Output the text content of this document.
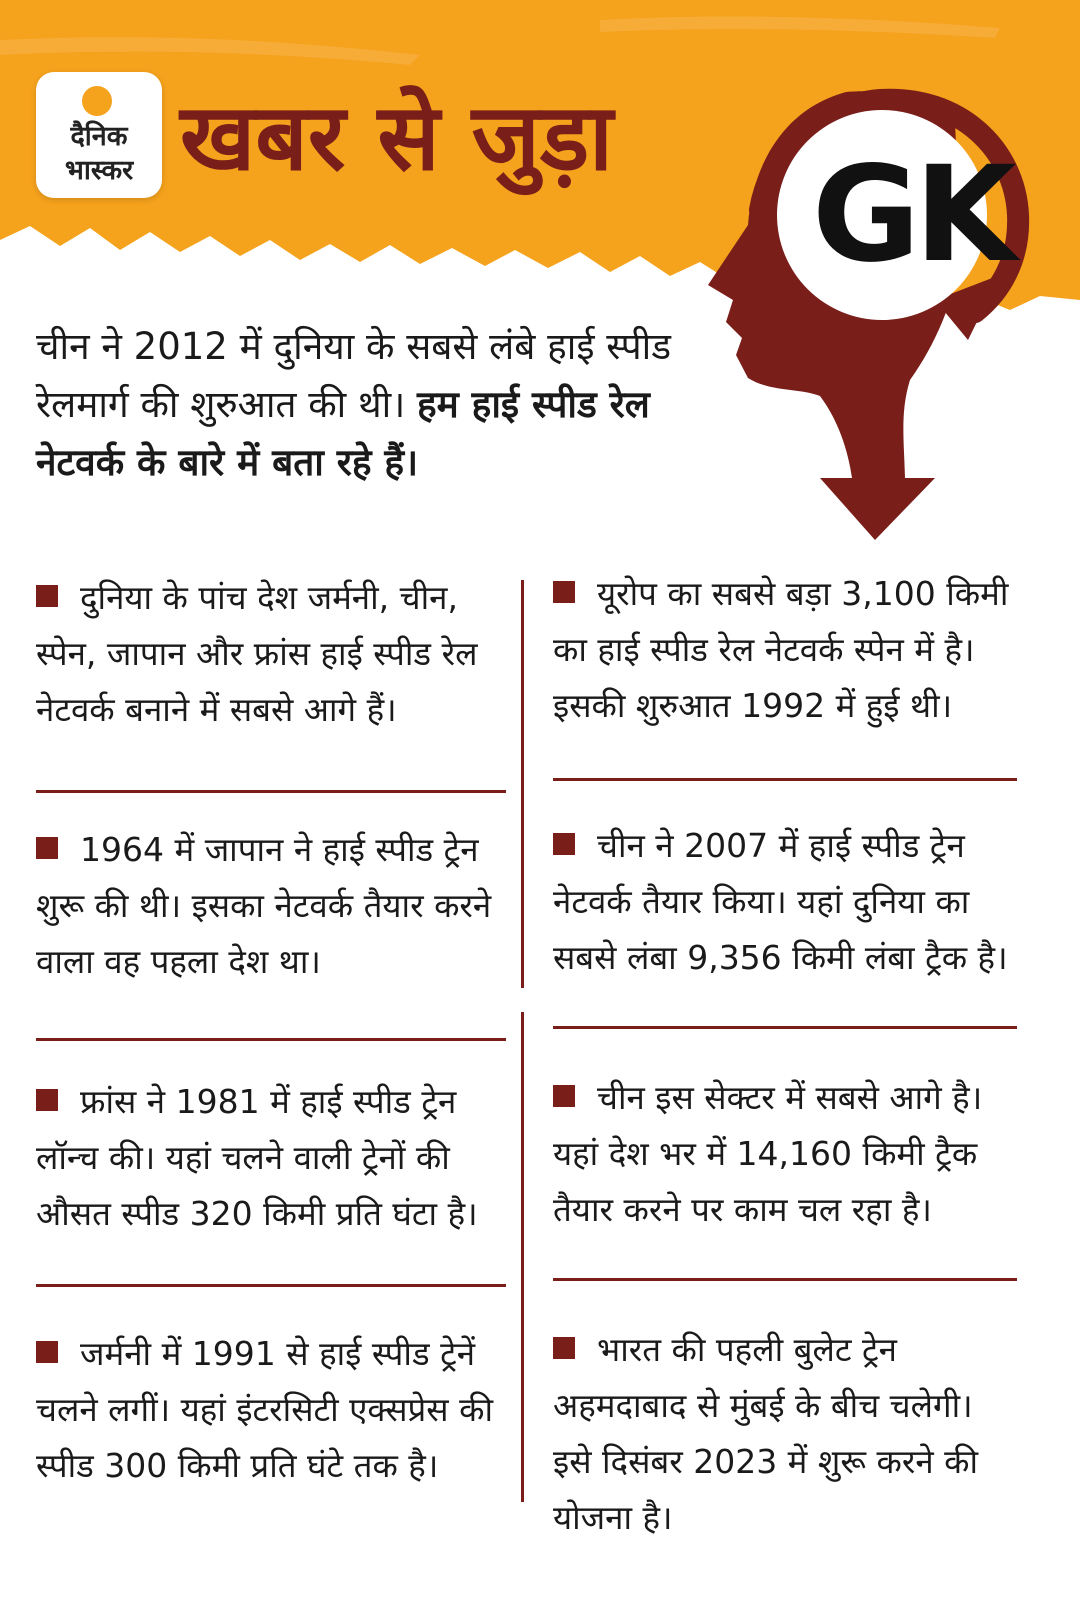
दैनिक
भास्कर खबर से जुड़ा
GK
चीन ने 2012 में दुनिया के सबसे लंबे हाई स्पीड रेलमार्ग की शुरुआत की थी। हम हाई स्पीड रेल नेटवर्क के बारे में बता रहे हैं।
दुनिया के पांच देश जर्मनी, चीन, स्पेन, जापान और फ्रांस हाई स्पीड रेल नेटवर्क बनाने में सबसे आगे हैं।
1964 में जापान ने हाई स्पीड ट्रेन शुरू की थी। इसका नेटवर्क तैयार करने वाला वह पहला देश था।
फ्रांस ने 1981 में हाई स्पीड ट्रेन लॉन्च की। यहां चलने वाली ट्रेनों की औसत स्पीड 320 किमी प्रति घंटा है।
जर्मनी में 1991 से हाई स्पीड ट्रेनें चलने लगीं। यहां इंटरसिटी एक्सप्रेस की स्पीड 300 किमी प्रति घंटे तक है।
यूरोप का सबसे बड़ा 3,100 किमी का हाई स्पीड रेल नेटवर्क स्पेन में है। इसकी शुरुआत 1992 में हुई थी।
चीन ने 2007 में हाई स्पीड ट्रेन नेटवर्क तैयार किया। यहां दुनिया का सबसे लंबा 9,356 किमी लंबा ट्रैक है।
चीन इस सेक्टर में सबसे आगे है। यहां देश भर में 14,160 किमी ट्रैक तैयार करने पर काम चल रहा है।
भारत की पहली बुलेट ट्रेन अहमदाबाद से मुंबई के बीच चलेगी। इसे दिसंबर 2023 में शुरू करने की योजना है।
